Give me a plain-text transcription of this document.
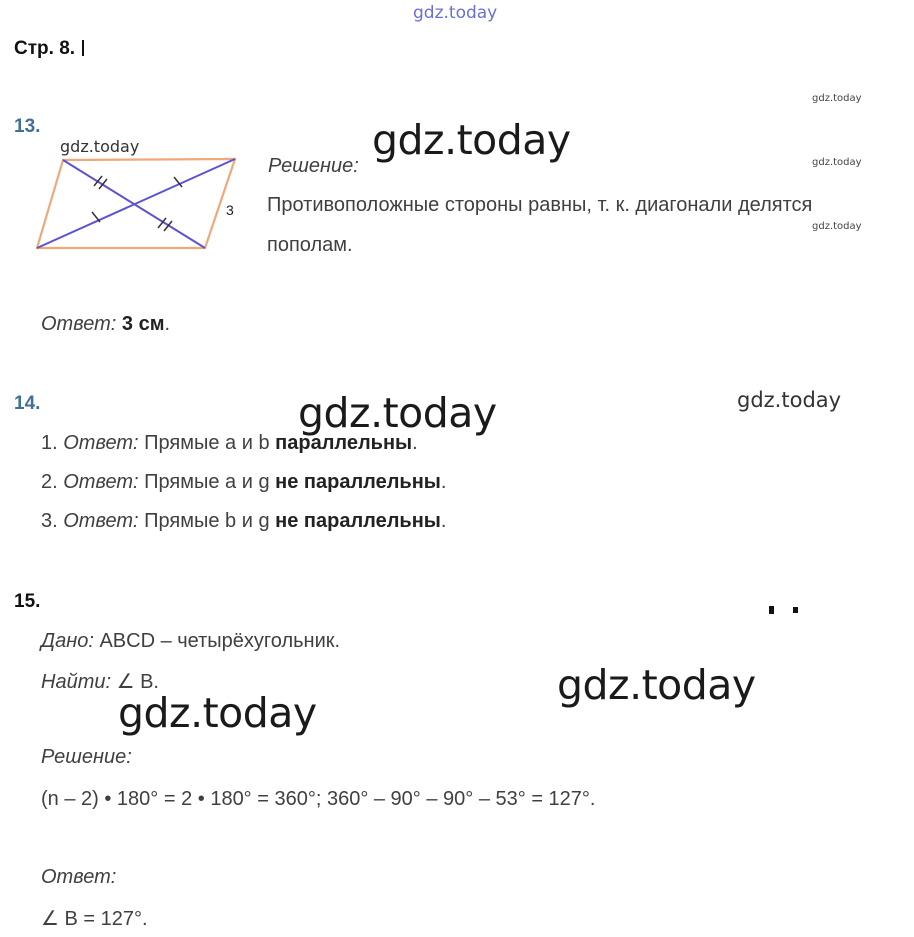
gdz.today
Стр. 8.
gdz.today
gdz.today
gdz.today
13.
gdz.today
3
gdz.today
Решение:
Противоположные стороны равны, т. к. диагонали делятся
пополам.
Ответ: 3 см.
14.	gdz.today	gdz.today
1. Ответ: Прямые a и b параллельны.
2. Ответ: Прямые a и g не параллельны.
3. Ответ: Прямые b и g не параллельны.
15.
Дано: ABCD – четырёхугольник.
Найти: ∠ B.	gdz.today
gdz.today
Решение:
(n – 2) • 180° = 2 • 180° = 360°; 360° – 90° – 90° – 53° = 127°.
Ответ:
∠ B = 127°.
